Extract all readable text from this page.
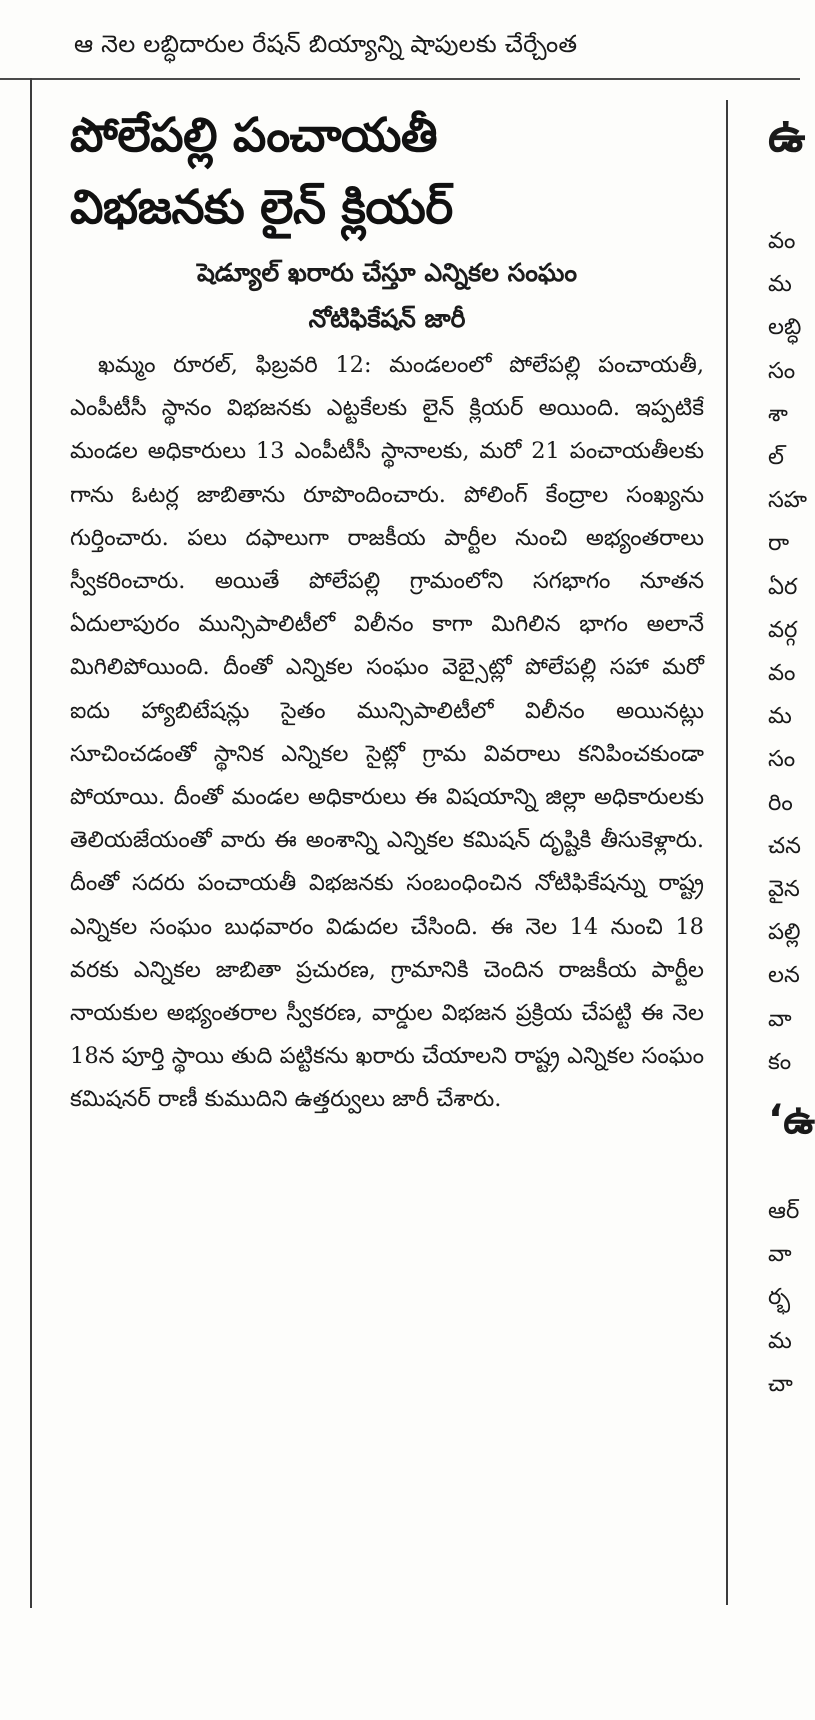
ఆ నెల లబ్ధిదారుల రేషన్ బియ్యాన్ని షాపులకు చేర్చేంత
పోలేపల్లి పంచాయతీ
విభజనకు లైన్ క్లియర్
షెడ్యూల్ ఖరారు చేస్తూ ఎన్నికల సంఘం
నోటిఫికేషన్ జారీ

ఖమ్మం రూరల్, ఫిబ్రవరి 12: మండలంలో పోలేపల్లి పంచాయతీ, ఎంపీటీసీ స్థానం విభజనకు ఎట్టకేలకు లైన్ క్లియర్ అయింది. ఇప్పటికే మండల అధికారులు 13 ఎంపీటీసీ స్థానాలకు, మరో 21 పంచాయతీలకు గాను ఓటర్ల జాబితాను రూపొందించారు. పోలింగ్ కేంద్రాల సంఖ్యను గుర్తించారు. పలు దఫాలుగా రాజకీయ పార్టీల నుంచి అభ్యంతరాలు స్వీకరించారు. అయితే పోలేపల్లి గ్రామంలోని సగభాగం నూతన ఏదులాపురం మున్సిపాలిటీలో విలీనం కాగా మిగిలిన భాగం అలానే మిగిలిపోయింది. దీంతో ఎన్నికల సంఘం వెబ్సైట్లో పోలేపల్లి సహా మరో ఐదు హ్యాబిటేషన్లు సైతం మున్సిపాలిటీలో విలీనం అయినట్లు సూచించడంతో స్థానిక ఎన్నికల సైట్లో గ్రామ వివరాలు కనిపించకుండా పోయాయి. దీంతో మండల అధికారులు ఈ విషయాన్ని జిల్లా అధికారులకు తెలియజేయంతో వారు ఈ అంశాన్ని ఎన్నికల కమిషన్ దృష్టికి తీసుకెళ్లారు. దీంతో సదరు పంచాయతీ విభజనకు సంబంధించిన నోటిఫికేషన్ను రాష్ట్ర ఎన్నికల సంఘం బుధవారం విడుదల చేసింది. ఈ నెల 14 నుంచి 18 వరకు ఎన్నికల జాబితా ప్రచురణ, గ్రామానికి చెందిన రాజకీయ పార్టీల నాయకుల అభ్యంతరాల స్వీకరణ, వార్డుల విభజన ప్రక్రియ చేపట్టి ఈ నెల 18న పూర్తి స్థాయి తుది పట్టికను ఖరారు చేయాలని రాష్ట్ర ఎన్నికల సంఘం కమిషనర్ రాణీ కుముదిని ఉత్తర్వులు జారీ చేశారు.

ఉ
వం
మ
లబ్ధి
సం
శా
ల్
సహ
రా
ఏర
వర్గ
వం
మ
సం
రిం
చన
వైన
పల్లి
లన
వా
కం
‘ఉ
ఆర్
వా
ర్భ
మ
చా
